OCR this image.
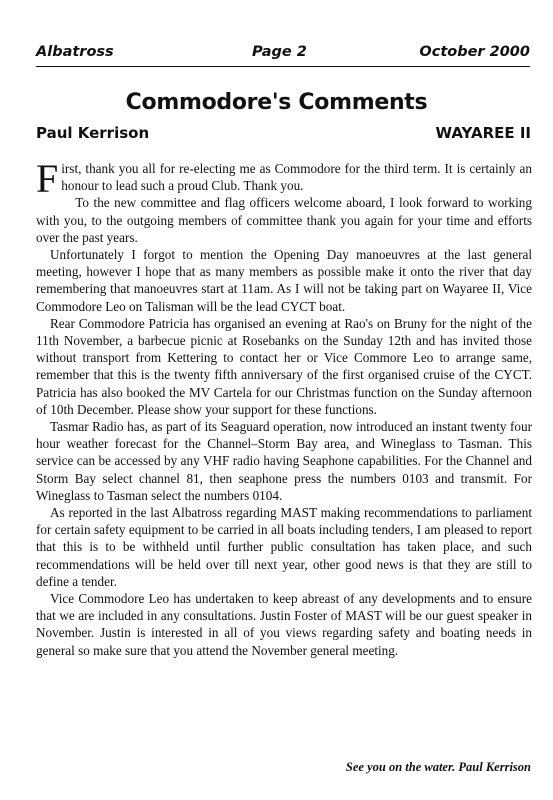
Albatross	Page 2	October 2000
Commodore's Comments
Paul Kerrison	WAYAREE II

First, thank you all for re-electing me as Commodore for the third term. It is certainly an honour to lead such a proud Club. Thank you.

To the new committee and flag officers welcome aboard, I look forward to working with you, to the outgoing members of committee thank you again for your time and efforts over the past years.

Unfortunately I forgot to mention the Opening Day manoeuvres at the last general meeting, however I hope that as many members as possible make it onto the river that day remembering that manoeuvres start at 11am. As I will not be taking part on Wayaree II, Vice Commodore Leo on Talisman will be the lead CYCT boat.

Rear Commodore Patricia has organised an evening at Rao's on Bruny for the night of the 11th November, a barbecue picnic at Rosebanks on the Sunday 12th and has invited those without transport from Kettering to contact her or Vice Commore Leo to arrange same, remember that this is the twenty fifth anniversary of the first organised cruise of the CYCT. Patricia has also booked the MV Cartela for our Christmas function on the Sunday afternoon of 10th December. Please show your support for these functions.

Tasmar Radio has, as part of its Seaguard operation, now introduced an instant twenty four hour weather forecast for the Channel–Storm Bay area, and Wineglass to Tasman. This service can be accessed by any VHF radio having Seaphone capabilities. For the Channel and Storm Bay select channel 81, then seaphone press the numbers 0103 and transmit. For Wineglass to Tasman select the numbers 0104.

As reported in the last Albatross regarding MAST making recommendations to parliament for certain safety equipment to be carried in all boats including tenders, I am pleased to report that this is to be withheld until further public consultation has taken place, and such recommendations will be held over till next year, other good news is that they are still to define a tender.

Vice Commodore Leo has undertaken to keep abreast of any developments and to ensure that we are included in any consultations. Justin Foster of MAST will be our guest speaker in November. Justin is interested in all of you views regarding safety and boating needs in general so make sure that you attend the November general meeting.

See you on the water. Paul Kerrison
